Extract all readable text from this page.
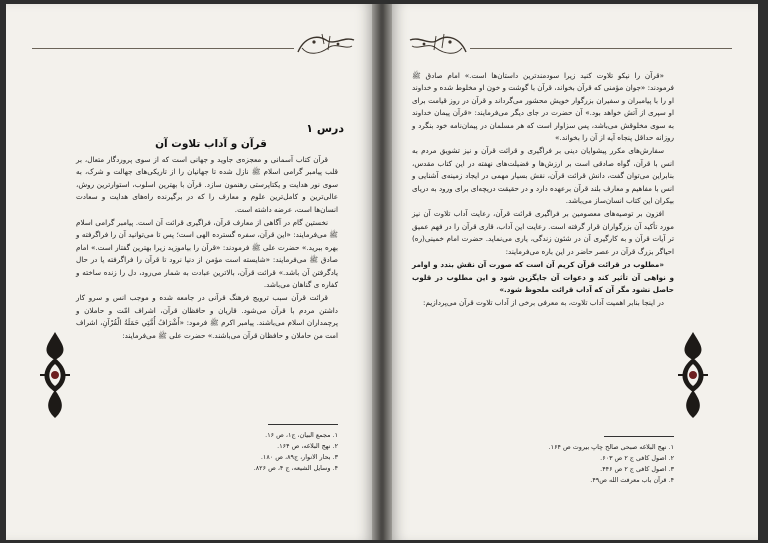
درس ۱
قرآن و آداب تلاوت آن

قرآن کتاب آسمانی و معجزه‌ی جاوید و جهانی است که از سوی پروردگار متعال، بر قلب پیامبر گرامی اسلام ﷺ نازل شده تا جهانیان را از تاریکی‌های جهالت و شرک، به سوی نور هدایت و یکتاپرستی رهنمون سازد. قرآن با بهترین اسلوب، استوارترین روش، عالی‌ترین و کامل‌ترین علوم و معارف را که در برگیرنده راه‌های هدایت و سعادت انسان‌ها است، عرضه داشته است.

نخستین گام در آگاهی از معارف قرآن، فراگیری قرائت آن است. پیامبر گرامی اسلام ﷺ می‌فرمایند: «این قرآن، سفره گسترده الهی است؛ پس تا می‌توانید آن را فراگرفته و بهره ببرید.» حضرت علی ﷺ فرمودند: «قرآن را بیاموزید زیرا بهترین گفتار است.» امام صادق ﷺ می‌فرمایند: «شایسته است مؤمن از دنیا نرود تا قرآن را فراگرفته یا در حال یادگرفتن آن باشد.» قرائت قرآن، بالاترین عبادت به شمار می‌رود، دل را زنده ساخته و کفاره ی گناهان می‌باشد.

قرائت قرآن سبب ترویج فرهنگ قرآنی در جامعه شده و موجب انس و سرو کار داشتن مردم با قرآن می‌شود. قاریان و حافظان قرآن، اشراف امّت و حاملان و پرچمداران اسلام می‌باشند. پیامبر اکرم ﷺ فرمود: «أَشْرَافُ أُمَّتِي حَمَلَةُ الْقُرْآنِ، اشراف امت من حاملان و حافظان قرآن می‌باشند.» حضرت علی ﷺ می‌فرمایند:

۱. مجمع البیان، ج۱، ص ۱۶.
۲. نهج البلاغه، ص ۱۶۴.
۳. بحار الانوار، ج۸۹، ص ۱۸۰.
۴. وسایل الشیعه، ج ۴، ص ۸۲۶.

«قرآن را نیکو تلاوت کنید زیرا سودمندترین داستان‌ها است.» امام صادق ﷺ فرمودند: «جوان مؤمنی که قرآن بخواند، قرآن با گوشت و خون او مخلوط شده و خداوند او را با پیامبران و سفیران بزرگوار خویش محشور می‌گرداند و قرآن در روز قیامت برای او سپری از آتش خواهد بود.» آن حضرت در جای دیگر می‌فرمایند: «قرآن پیمان خداوند به سوی مخلوقش می‌باشد، پس سزاوار است که هر مسلمان در پیمان‌نامه خود بنگرد و روزانه حداقل پنجاه آیه از آن را بخواند.»

سفارش‌های مکرر پیشوایان دینی بر فراگیری و قرائت قرآن و نیز تشویق مردم به انس با قرآن، گواه صادقی است بر ارزش‌ها و فضیلت‌های نهفته در این کتاب مقدس، بنابراین می‌توان گفت، دانش قرائت قرآن، نقش بسیار مهمی در ایجاد زمینه‌ی آشنایی و انس با مفاهیم و معارف بلند قرآن برعهده دارد و در حقیقت دریچه‌ای برای ورود به دریای بیکران این کتاب انسان‌ساز می‌باشد.

افزون بر توصیه‌های معصومین بر فراگیری قرائت قرآن، رعایت آداب تلاوت آن نیز مورد تأکید آن بزرگواران قرار گرفته است. رعایت این آداب، قاری قرآن را در فهم عمیق تر آیات قرآن و به کارگیری آن در شئون زندگی، یاری می‌نماید. حضرت امام خمینی(ره) احیاگر بزرگ قرآن در عصر حاضر در این باره می‌فرمایند:

«مطلوب در قرائت قرآن کریم آن است که صورت آن نقش بندد و اوامر و نواهی آن تأثیر کند و دعوات آن جایگزین شود و این مطلوب در قلوب حاصل نشود مگر آن که آداب قرائت ملحوظ شود.»

در اینجا بنابر اهمیت آداب تلاوت، به معرفی برخی از آداب تلاوت قرآن می‌پردازیم:

۱. نهج البلاغه صبحی صالح چاپ بیروت ص ۱۶۴.
۲. اصول کافی ج ۲ ص ۶۰۳.
۳. اصول کافی ج ۲ ص ۴۴۶.
۴. قرآن باب معرفت الله ص۴۹.
